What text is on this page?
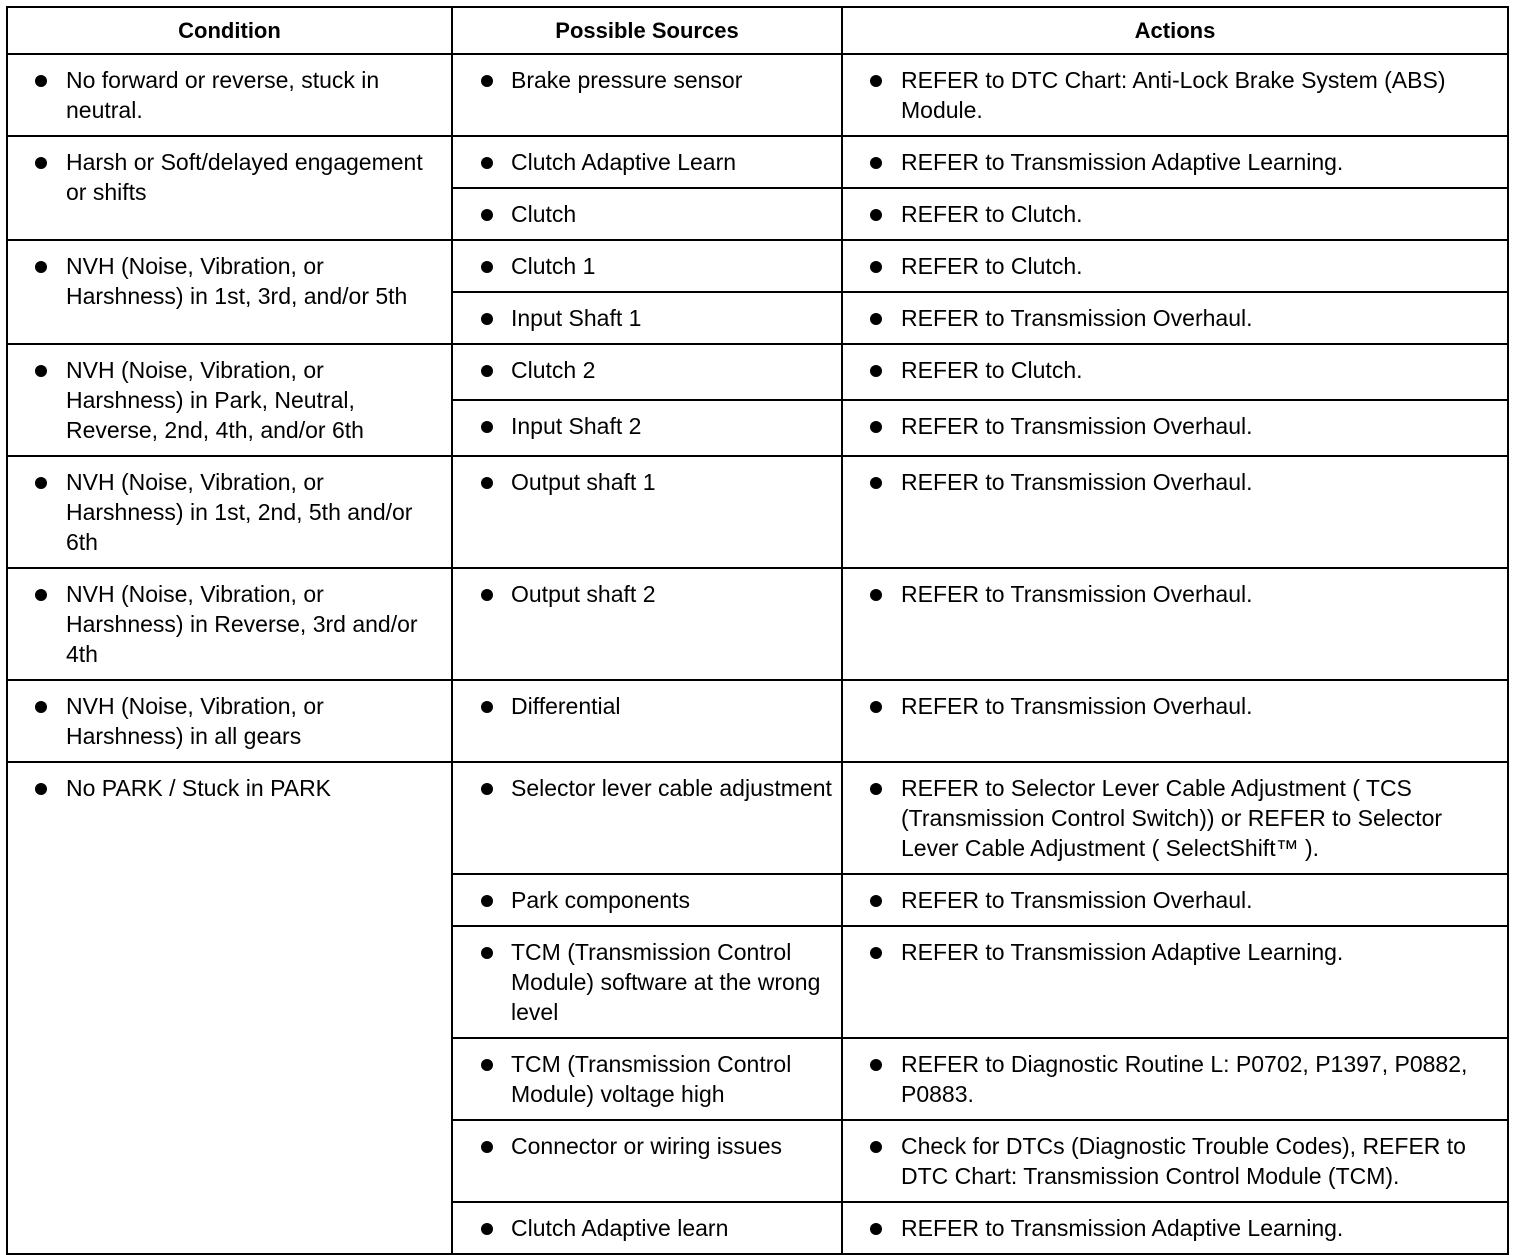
Condition	Possible Sources	Actions

No forward or reverse, stuck in neutral.	Brake pressure sensor	REFER to DTC Chart: Anti-Lock Brake System (ABS) Module.

Harsh or Soft/delayed engagement or shifts	Clutch Adaptive Learn	REFER to Transmission Adaptive Learning.

	Clutch	REFER to Clutch.

NVH (Noise, Vibration, or Harshness) in 1st, 3rd, and/or 5th	Clutch 1	REFER to Clutch.

	Input Shaft 1	REFER to Transmission Overhaul.

NVH (Noise, Vibration, or Harshness) in Park, Neutral, Reverse, 2nd, 4th, and/or 6th	Clutch 2	REFER to Clutch.

	Input Shaft 2	REFER to Transmission Overhaul.

NVH (Noise, Vibration, or Harshness) in 1st, 2nd, 5th and/or 6th	Output shaft 1	REFER to Transmission Overhaul.

NVH (Noise, Vibration, or Harshness) in Reverse, 3rd and/or 4th	Output shaft 2	REFER to Transmission Overhaul.

NVH (Noise, Vibration, or Harshness) in all gears	Differential	REFER to Transmission Overhaul.

No PARK / Stuck in PARK	Selector lever cable adjustment	REFER to Selector Lever Cable Adjustment ( TCS (Transmission Control Switch)) or REFER to Selector Lever Cable Adjustment ( SelectShift™ ).

	Park components	REFER to Transmission Overhaul.

	TCM (Transmission Control Module) software at the wrong level	REFER to Transmission Adaptive Learning.

	TCM (Transmission Control Module) voltage high	REFER to Diagnostic Routine L: P0702, P1397, P0882, P0883.

	Connector or wiring issues	Check for DTCs (Diagnostic Trouble Codes), REFER to DTC Chart: Transmission Control Module (TCM).

	Clutch Adaptive learn	REFER to Transmission Adaptive Learning.
